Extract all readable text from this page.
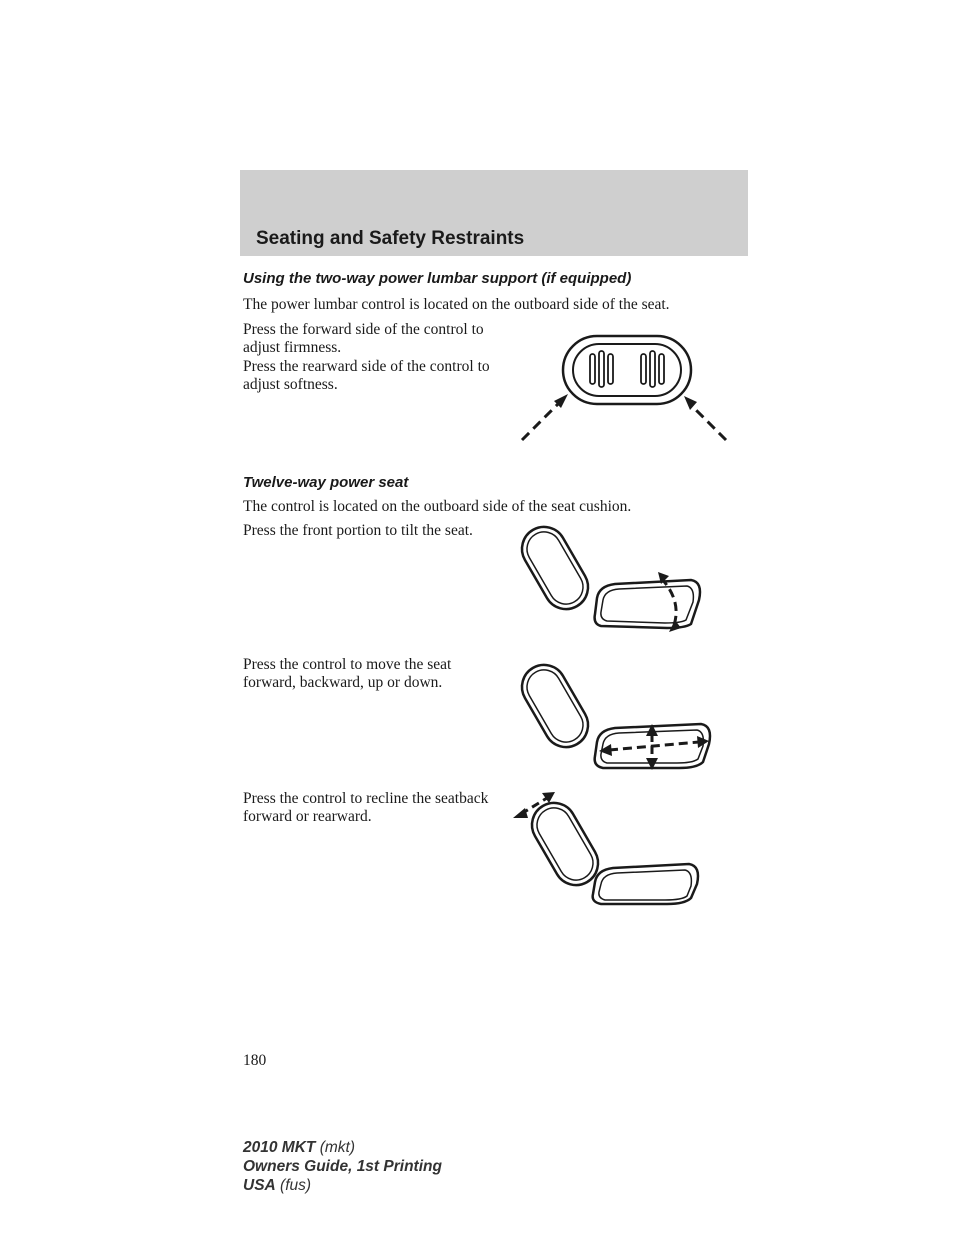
Seating and Safety Restraints
Using the two-way power lumbar support (if equipped)
The power lumbar control is located on the outboard side of the seat.
Press the forward side of the control to adjust firmness.
Press the rearward side of the control to adjust softness.
Twelve-way power seat
The control is located on the outboard side of the seat cushion.
Press the front portion to tilt the seat.
Press the control to move the seat forward, backward, up or down.
Press the control to recline the seatback forward or rearward.
180
2010 MKT (mkt)
Owners Guide, 1st Printing
USA (fus)
